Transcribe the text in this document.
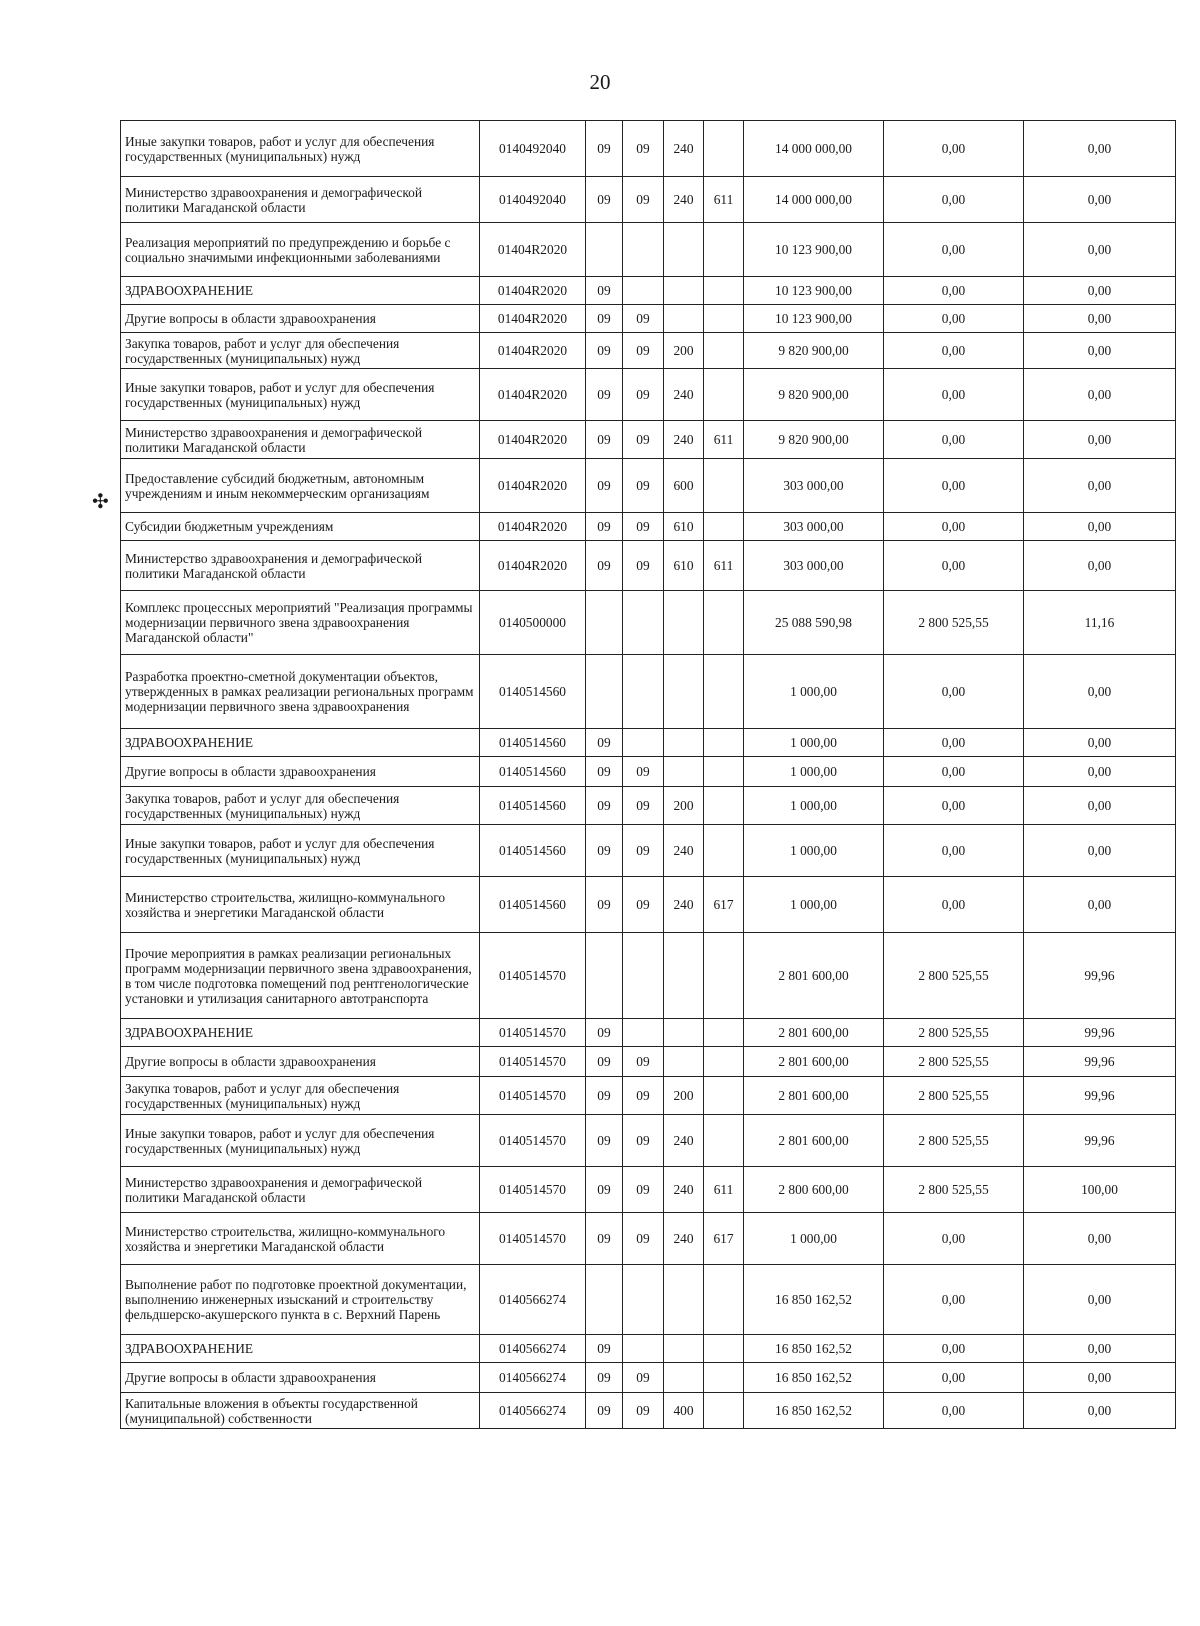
20
✣
Иные закупки товаров, работ и услуг для обеспечения государственных (муниципальных) нужд	0140492040	09	09	240		14 000 000,00	0,00	0,00
Министерство здравоохранения и демографической политики Магаданской области	0140492040	09	09	240	611	14 000 000,00	0,00	0,00
Реализация мероприятий по предупреждению и борьбе с социально значимыми инфекционными заболеваниями	01404R2020					10 123 900,00	0,00	0,00
ЗДРАВООХРАНЕНИЕ	01404R2020	09				10 123 900,00	0,00	0,00
Другие вопросы в области здравоохранения	01404R2020	09	09			10 123 900,00	0,00	0,00
Закупка товаров, работ и услуг для обеспечения государственных (муниципальных) нужд	01404R2020	09	09	200		9 820 900,00	0,00	0,00
Иные закупки товаров, работ и услуг для обеспечения государственных (муниципальных) нужд	01404R2020	09	09	240		9 820 900,00	0,00	0,00
Министерство здравоохранения и демографической политики Магаданской области	01404R2020	09	09	240	611	9 820 900,00	0,00	0,00
Предоставление субсидий бюджетным, автономным учреждениям и иным некоммерческим организациям	01404R2020	09	09	600		303 000,00	0,00	0,00
Субсидии бюджетным учреждениям	01404R2020	09	09	610		303 000,00	0,00	0,00
Министерство здравоохранения и демографической политики Магаданской области	01404R2020	09	09	610	611	303 000,00	0,00	0,00
Комплекс процессных мероприятий "Реализация программы модернизации первичного звена здравоохранения Магаданской области"	0140500000					25 088 590,98	2 800 525,55	11,16
Разработка проектно-сметной документации объектов, утвержденных в рамках реализации региональных программ модернизации первичного звена здравоохранения	0140514560					1 000,00	0,00	0,00
ЗДРАВООХРАНЕНИЕ	0140514560	09				1 000,00	0,00	0,00
Другие вопросы в области здравоохранения	0140514560	09	09			1 000,00	0,00	0,00
Закупка товаров, работ и услуг для обеспечения государственных (муниципальных) нужд	0140514560	09	09	200		1 000,00	0,00	0,00
Иные закупки товаров, работ и услуг для обеспечения государственных (муниципальных) нужд	0140514560	09	09	240		1 000,00	0,00	0,00
Министерство строительства, жилищно-коммунального хозяйства и энергетики Магаданской области	0140514560	09	09	240	617	1 000,00	0,00	0,00
Прочие мероприятия в рамках реализации региональных программ модернизации первичного звена здравоохранения, в том числе подготовка помещений под рентгенологические установки и утилизация санитарного автотранспорта	0140514570					2 801 600,00	2 800 525,55	99,96
ЗДРАВООХРАНЕНИЕ	0140514570	09				2 801 600,00	2 800 525,55	99,96
Другие вопросы в области здравоохранения	0140514570	09	09			2 801 600,00	2 800 525,55	99,96
Закупка товаров, работ и услуг для обеспечения государственных (муниципальных) нужд	0140514570	09	09	200		2 801 600,00	2 800 525,55	99,96
Иные закупки товаров, работ и услуг для обеспечения государственных (муниципальных) нужд	0140514570	09	09	240		2 801 600,00	2 800 525,55	99,96
Министерство здравоохранения и демографической политики Магаданской области	0140514570	09	09	240	611	2 800 600,00	2 800 525,55	100,00
Министерство строительства, жилищно-коммунального хозяйства и энергетики Магаданской области	0140514570	09	09	240	617	1 000,00	0,00	0,00
Выполнение работ по подготовке проектной документации, выполнению инженерных изысканий и строительству фельдшерско-акушерского пункта в с. Верхний Парень	0140566274					16 850 162,52	0,00	0,00
ЗДРАВООХРАНЕНИЕ	0140566274	09				16 850 162,52	0,00	0,00
Другие вопросы в области здравоохранения	0140566274	09	09			16 850 162,52	0,00	0,00
Капитальные вложения в объекты государственной (муниципальной) собственности	0140566274	09	09	400		16 850 162,52	0,00	0,00
